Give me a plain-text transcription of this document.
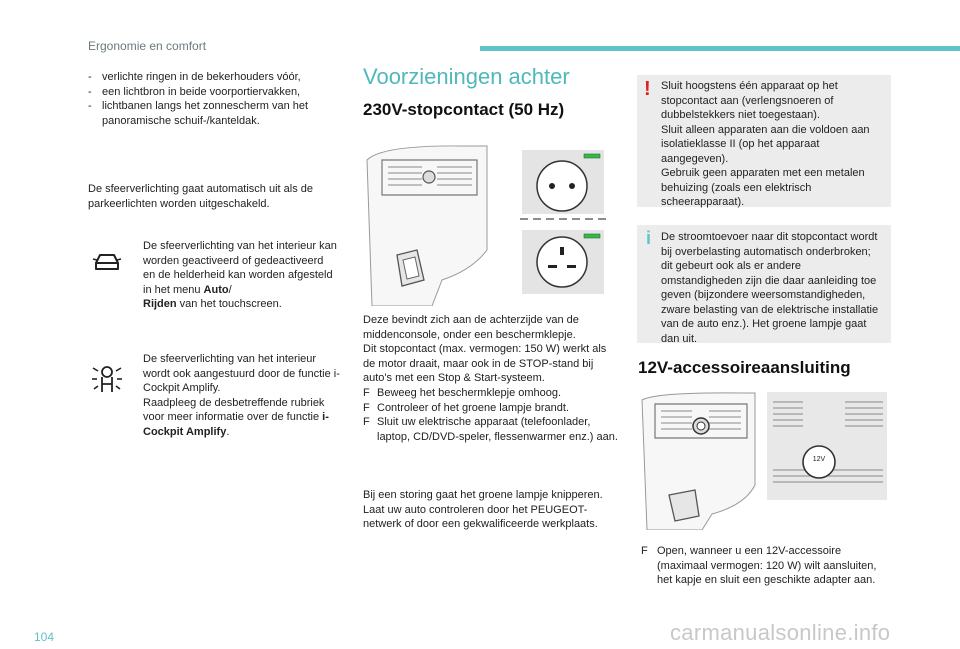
Ergonomie en comfort
- verlichte ringen in de bekerhouders vóór,
- een lichtbron in beide voorportiervakken,
- lichtbanen langs het zonnescherm van het panoramische schuif-/kanteldak.
De sfeerverlichting gaat automatisch uit als de parkeerlichten worden uitgeschakeld.
De sfeerverlichting van het interieur kan worden geactiveerd of gedeactiveerd en de helderheid kan worden afgesteld in het menu Auto/
Rijden van het touchscreen.
De sfeerverlichting van het interieur wordt ook aangestuurd door de functie i-Cockpit Amplify.
Raadpleeg de desbetreffende rubriek voor meer informatie over de functie i-Cockpit Amplify.
Voorzieningen achter
230V-stopcontact (50 Hz)
Deze bevindt zich aan de achterzijde van de middenconsole, onder een beschermklepje.
Dit stopcontact (max. vermogen: 150 W) werkt als de motor draait, maar ook in de STOP-stand bij auto's met een Stop & Start-systeem.
F Beweeg het beschermklepje omhoog.
F Controleer of het groene lampje brandt.
F Sluit uw elektrische apparaat (telefoonlader, laptop, CD/DVD-speler, flessenwarmer enz.) aan.
Bij een storing gaat het groene lampje knipperen.
Laat uw auto controleren door het PEUGEOT-netwerk of door een gekwalificeerde werkplaats.
! Sluit hoogstens één apparaat op het stopcontact aan (verlengsnoeren of dubbelstekkers niet toegestaan).
Sluit alleen apparaten aan die voldoen aan isolatieklasse II (op het apparaat aangegeven).
Gebruik geen apparaten met een metalen behuizing (zoals een elektrisch scheerapparaat).
i De stroomtoevoer naar dit stopcontact wordt bij overbelasting automatisch onderbroken; dit gebeurt ook als er andere omstandigheden zijn die daar aanleiding toe geven (bijzondere weersomstandigheden, zware belasting van de elektrische installatie van de auto enz.). Het groene lampje gaat dan uit.
12V-accessoireaansluiting
12V
F Open, wanneer u een 12V-accessoire (maximaal vermogen: 120 W) wilt aansluiten, het kapje en sluit een geschikte adapter aan.
104	carmanualsonline.info
